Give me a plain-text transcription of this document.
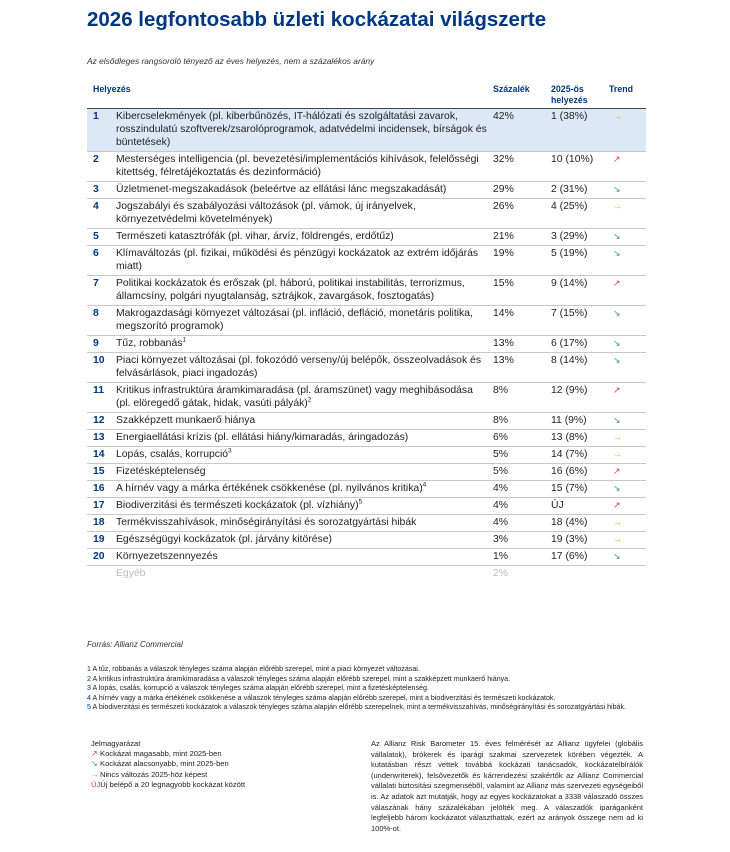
2026 legfontosabb üzleti kockázatai világszerte
Az elsődleges rangsoroló tényező az éves helyezés, nem a százalékos arány
Helyezés		Százalék	2025-ös helyezés	Trend
1	Kibercselekmények (pl. kiberbűnözés, IT-hálózati és szolgáltatási zavarok, rosszindulatú szoftverek/zsarolóprogramok, adatvédelmi incidensek, bírságok és büntetések)	42%	1 (38%)	→
2	Mesterséges intelligencia (pl. bevezetési/implementációs kihívások, felelősségi kitettség, félretájékoztatás és dezinformáció)	32%	10 (10%)	↗
3	Üzletmenet-megszakadások (beleértve az ellátási lánc megszakadását)	29%	2 (31%)	↘
4	Jogszabályi és szabályozási változások (pl. vámok, új irányelvek, környezetvédelmi követelmények)	26%	4 (25%)	→
5	Természeti katasztrófák (pl. vihar, árvíz, földrengés, erdőtűz)	21%	3 (29%)	↘
6	Klímaváltozás (pl. fizikai, működési és pénzügyi kockázatok az extrém időjárás miatt)	19%	5 (19%)	↘
7	Politikai kockázatok és erőszak (pl. háború, politikai instabilitás, terrorizmus, államcsíny, polgári nyugtalanság, sztrájkok, zavargások, fosztogatás)	15%	9 (14%)	↗
8	Makrogazdasági környezet változásai (pl. infláció, defláció, monetáris politika, megszorító programok)	14%	7 (15%)	↘
9	Tűz, robbanás$^1$	13%	6 (17%)	↘
10	Piaci környezet változásai (pl. fokozódó verseny/új belépők, összeolvadások és felvásárlások, piaci ingadozás)	13%	8 (14%)	↘
11	Kritikus infrastruktúra áramkimaradása (pl. áramszünet) vagy meghibásodása (pl. elöregedő gátak, hidak, vasúti pályák)$^2$	8%	12 (9%)	↗
12	Szakképzett munkaerő hiánya	8%	11 (9%)	↘
13	Energiaellátási krízis (pl. ellátási hiány/kimaradás, áringadozás)	6%	13 (8%)	→
14	Lopás, csalás, korrupció$^3$	5%	14 (7%)	→
15	Fizetésképtelenség	5%	16 (6%)	↗
16	A hírnév vagy a márka értékének csökkenése (pl. nyilvános kritika)$^4$	4%	15 (7%)	↘
17	Biodiverzitási és természeti kockázatok (pl. vízhiány)$^5$	4%	ÚJ	↗
18	Termékvisszahívások, minőségirányítási és sorozatgyártási hibák	4%	18 (4%)	→
19	Egészségügyi kockázatok (pl. járvány kitörése)	3%	19 (3%)	→
20	Környezetszennyezés	1%	17 (6%)	↘
	Egyéb	2%		
Forrás: Allianz Commercial
1 A tűz, robbanás a válaszok tényleges száma alapján előrébb szerepel, mint a piaci környezet változásai.
2 A kritikus infrastruktúra áramkimaradása a válaszok tényleges száma alapján előrébb szerepel, mint a szakképzett munkaerő hiánya.
3 A lopás, csalás, korrupció a válaszok tényleges száma alapján előrébb szerepel, mint a fizetésképtelenség.
4 A hírnév vagy a márka értékének csökkenése a válaszok tényleges száma alapján előrébb szerepel, mint a biodiverzitási és természeti kockázatok.
5 A biodiverzitási és természeti kockázatok a válaszok tényleges száma alapján előrébb szerepelnek, mint a termékvisszahívás, minőségirányítási és sorozatgyártási hibák.
Jelmagyarázat
↗ Kockázat magasabb, mint 2025-ben
↘ Kockázat alacsonyabb, mint 2025-ben
→Nincs változás 2025-höz képest
ÚJÚj belépő a 20 legnagyobb kockázat között
Az Allianz Risk Barometer 15. éves felmérését az Allianz ügyfelei (globális vállalatok), brókerek és iparági szakmai szervezetek körében végezték. A kutatásban részt vettek továbbá kockázati tanácsadók, kockázatelbírálók (underwriterek), felsővezetők és kárrendezési szakértők az Allianz Commercial vállalati biztosítási szegmensébõl, valamint az Allianz más szervezeti egységeiből is. Az adatok azt mutatják, hogy az egyes kockázatokat a 3338 válaszadó összes válaszának hány százalékában jelölték meg. A válaszadók iparáganként legfeljebb három kockázatot választhattak, ezért az arányok összege nem ad ki 100%-ot.
